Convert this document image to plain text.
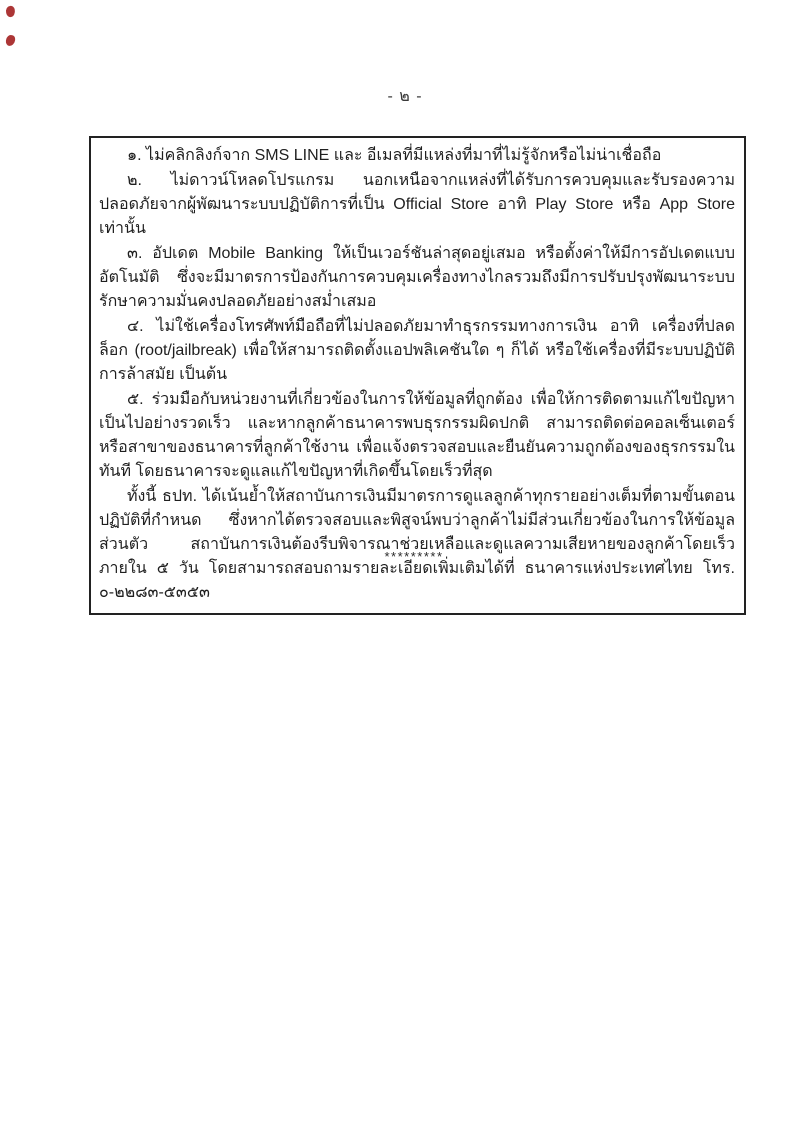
- ๒ -

๑. ไม่คลิกลิงก์จาก SMS LINE และ อีเมลที่มีแหล่งที่มาที่ไม่รู้จักหรือไม่น่าเชื่อถือ

๒. ไม่ดาวน์โหลดโปรแกรม นอกเหนือจากแหล่งที่ได้รับการควบคุมและรับรองความปลอดภัยจากผู้พัฒนาระบบปฏิบัติการที่เป็น Official Store อาทิ Play Store หรือ App Store เท่านั้น

๓. อัปเดต Mobile Banking ให้เป็นเวอร์ชันล่าสุดอยู่เสมอ หรือตั้งค่าให้มีการอัปเดตแบบอัตโนมัติ ซึ่งจะมีมาตรการป้องกันการควบคุมเครื่องทางไกลรวมถึงมีการปรับปรุงพัฒนาระบบรักษาความมั่นคงปลอดภัยอย่างสม่ำเสมอ

๔. ไม่ใช้เครื่องโทรศัพท์มือถือที่ไม่ปลอดภัยมาทำธุรกรรมทางการเงิน อาทิ เครื่องที่ปลดล็อก (root/jailbreak) เพื่อให้สามารถติดตั้งแอปพลิเคชันใด ๆ ก็ได้ หรือใช้เครื่องที่มีระบบปฏิบัติการล้าสมัย เป็นต้น

๕. ร่วมมือกับหน่วยงานที่เกี่ยวข้องในการให้ข้อมูลที่ถูกต้อง เพื่อให้การติดตามแก้ไขปัญหาเป็นไปอย่างรวดเร็ว และหากลูกค้าธนาคารพบธุรกรรมผิดปกติ สามารถติดต่อคอลเซ็นเตอร์หรือสาขาของธนาคารที่ลูกค้าใช้งาน เพื่อแจ้งตรวจสอบและยืนยันความถูกต้องของธุรกรรมในทันที โดยธนาคารจะดูแลแก้ไขปัญหาที่เกิดขึ้นโดยเร็วที่สุด

ทั้งนี้ ธปท. ได้เน้นย้ำให้สถาบันการเงินมีมาตรการดูแลลูกค้าทุกรายอย่างเต็มที่ตามขั้นตอนปฏิบัติที่กำหนด ซึ่งหากได้ตรวจสอบและพิสูจน์พบว่าลูกค้าไม่มีส่วนเกี่ยวข้องในการให้ข้อมูลส่วนตัว สถาบันการเงินต้องรีบพิจารณาช่วยเหลือและดูแลความเสียหายของลูกค้าโดยเร็วภายใน ๕ วัน โดยสามารถสอบถามรายละเอียดเพิ่มเติมได้ที่ ธนาคารแห่งประเทศไทย โทร. ๐-๒๒๘๓-๕๓๕๓

*********
